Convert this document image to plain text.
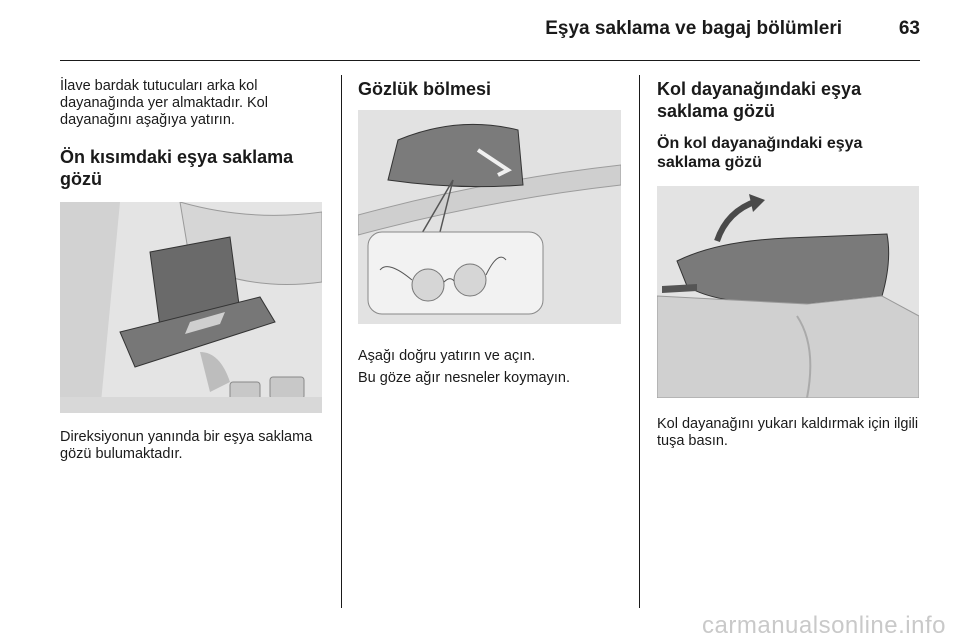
Eşya saklama ve bagaj bölümleri	63

İlave bardak tutucuları arka kol dayanağında yer almaktadır. Kol dayanağını aşağıya yatırın.

Ön kısımdaki eşya saklama gözü

Direksiyonun yanında bir eşya saklama gözü bulumaktadır.

Gözlük bölmesi

Aşağı doğru yatırın ve açın.

Bu göze ağır nesneler koymayın.

Kol dayanağındaki eşya saklama gözü
Ön kol dayanağındaki eşya saklama gözü

Kol dayanağını yukarı kaldırmak için ilgili tuşa basın.

carmanualsonline.info
